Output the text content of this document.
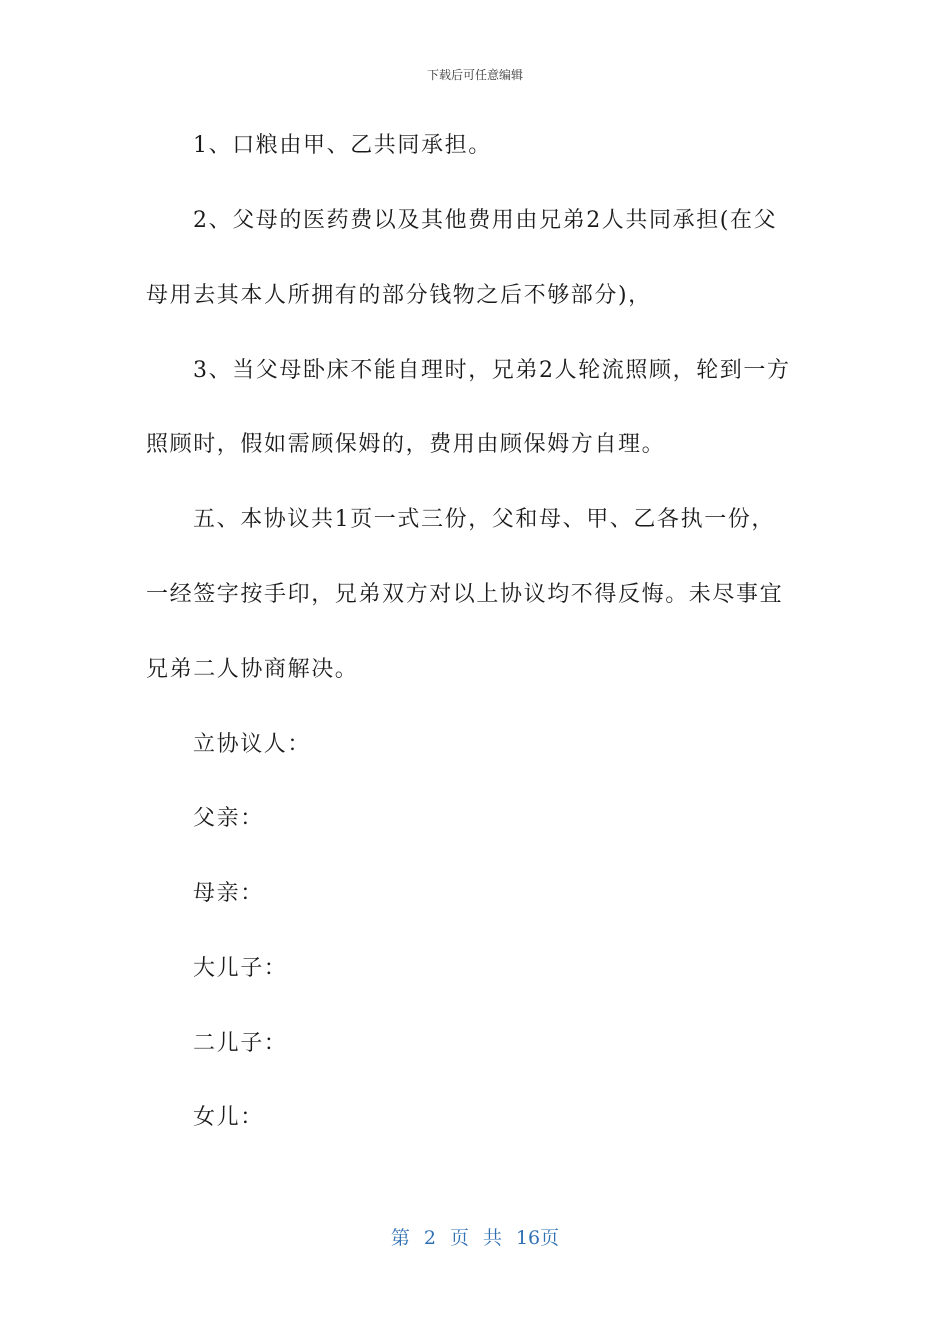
下载后可任意编辑
1、口粮由甲、乙共同承担。
2、父母的医药费以及其他费用由兄弟2人共同承担(在父
母用去其本人所拥有的部分钱物之后不够部分)，
3、当父母卧床不能自理时，兄弟2人轮流照顾，轮到一方
照顾时，假如需顾保姆的，费用由顾保姆方自理。
五、本协议共1页一式三份，父和母、甲、乙各执一份，
一经签字按手印，兄弟双方对以上协议均不得反悔。未尽事宜
兄弟二人协商解决。
立协议人：
父亲：
母亲：
大儿子：
二儿子：
女儿：
第 2 页 共 16页
